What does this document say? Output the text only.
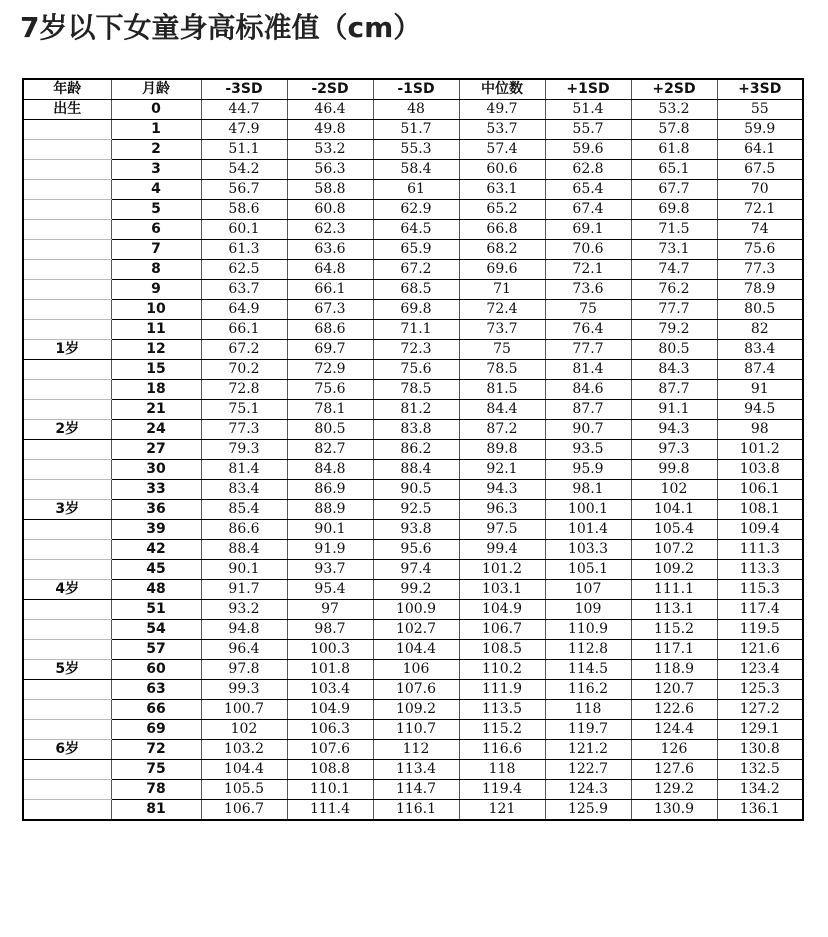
7岁以下女童身高标准值（cm）
年龄	月龄	-3SD	-2SD	-1SD	中位数	+1SD	+2SD	+3SD
出生	0	44.7	46.4	48	49.7	51.4	53.2	55
	1	47.9	49.8	51.7	53.7	55.7	57.8	59.9
	2	51.1	53.2	55.3	57.4	59.6	61.8	64.1
	3	54.2	56.3	58.4	60.6	62.8	65.1	67.5
	4	56.7	58.8	61	63.1	65.4	67.7	70
	5	58.6	60.8	62.9	65.2	67.4	69.8	72.1
	6	60.1	62.3	64.5	66.8	69.1	71.5	74
	7	61.3	63.6	65.9	68.2	70.6	73.1	75.6
	8	62.5	64.8	67.2	69.6	72.1	74.7	77.3
	9	63.7	66.1	68.5	71	73.6	76.2	78.9
	10	64.9	67.3	69.8	72.4	75	77.7	80.5
	11	66.1	68.6	71.1	73.7	76.4	79.2	82
1岁	12	67.2	69.7	72.3	75	77.7	80.5	83.4
	15	70.2	72.9	75.6	78.5	81.4	84.3	87.4
	18	72.8	75.6	78.5	81.5	84.6	87.7	91
	21	75.1	78.1	81.2	84.4	87.7	91.1	94.5
2岁	24	77.3	80.5	83.8	87.2	90.7	94.3	98
	27	79.3	82.7	86.2	89.8	93.5	97.3	101.2
	30	81.4	84.8	88.4	92.1	95.9	99.8	103.8
	33	83.4	86.9	90.5	94.3	98.1	102	106.1
3岁	36	85.4	88.9	92.5	96.3	100.1	104.1	108.1
	39	86.6	90.1	93.8	97.5	101.4	105.4	109.4
	42	88.4	91.9	95.6	99.4	103.3	107.2	111.3
	45	90.1	93.7	97.4	101.2	105.1	109.2	113.3
4岁	48	91.7	95.4	99.2	103.1	107	111.1	115.3
	51	93.2	97	100.9	104.9	109	113.1	117.4
	54	94.8	98.7	102.7	106.7	110.9	115.2	119.5
	57	96.4	100.3	104.4	108.5	112.8	117.1	121.6
5岁	60	97.8	101.8	106	110.2	114.5	118.9	123.4
	63	99.3	103.4	107.6	111.9	116.2	120.7	125.3
	66	100.7	104.9	109.2	113.5	118	122.6	127.2
	69	102	106.3	110.7	115.2	119.7	124.4	129.1
6岁	72	103.2	107.6	112	116.6	121.2	126	130.8
	75	104.4	108.8	113.4	118	122.7	127.6	132.5
	78	105.5	110.1	114.7	119.4	124.3	129.2	134.2
	81	106.7	111.4	116.1	121	125.9	130.9	136.1
